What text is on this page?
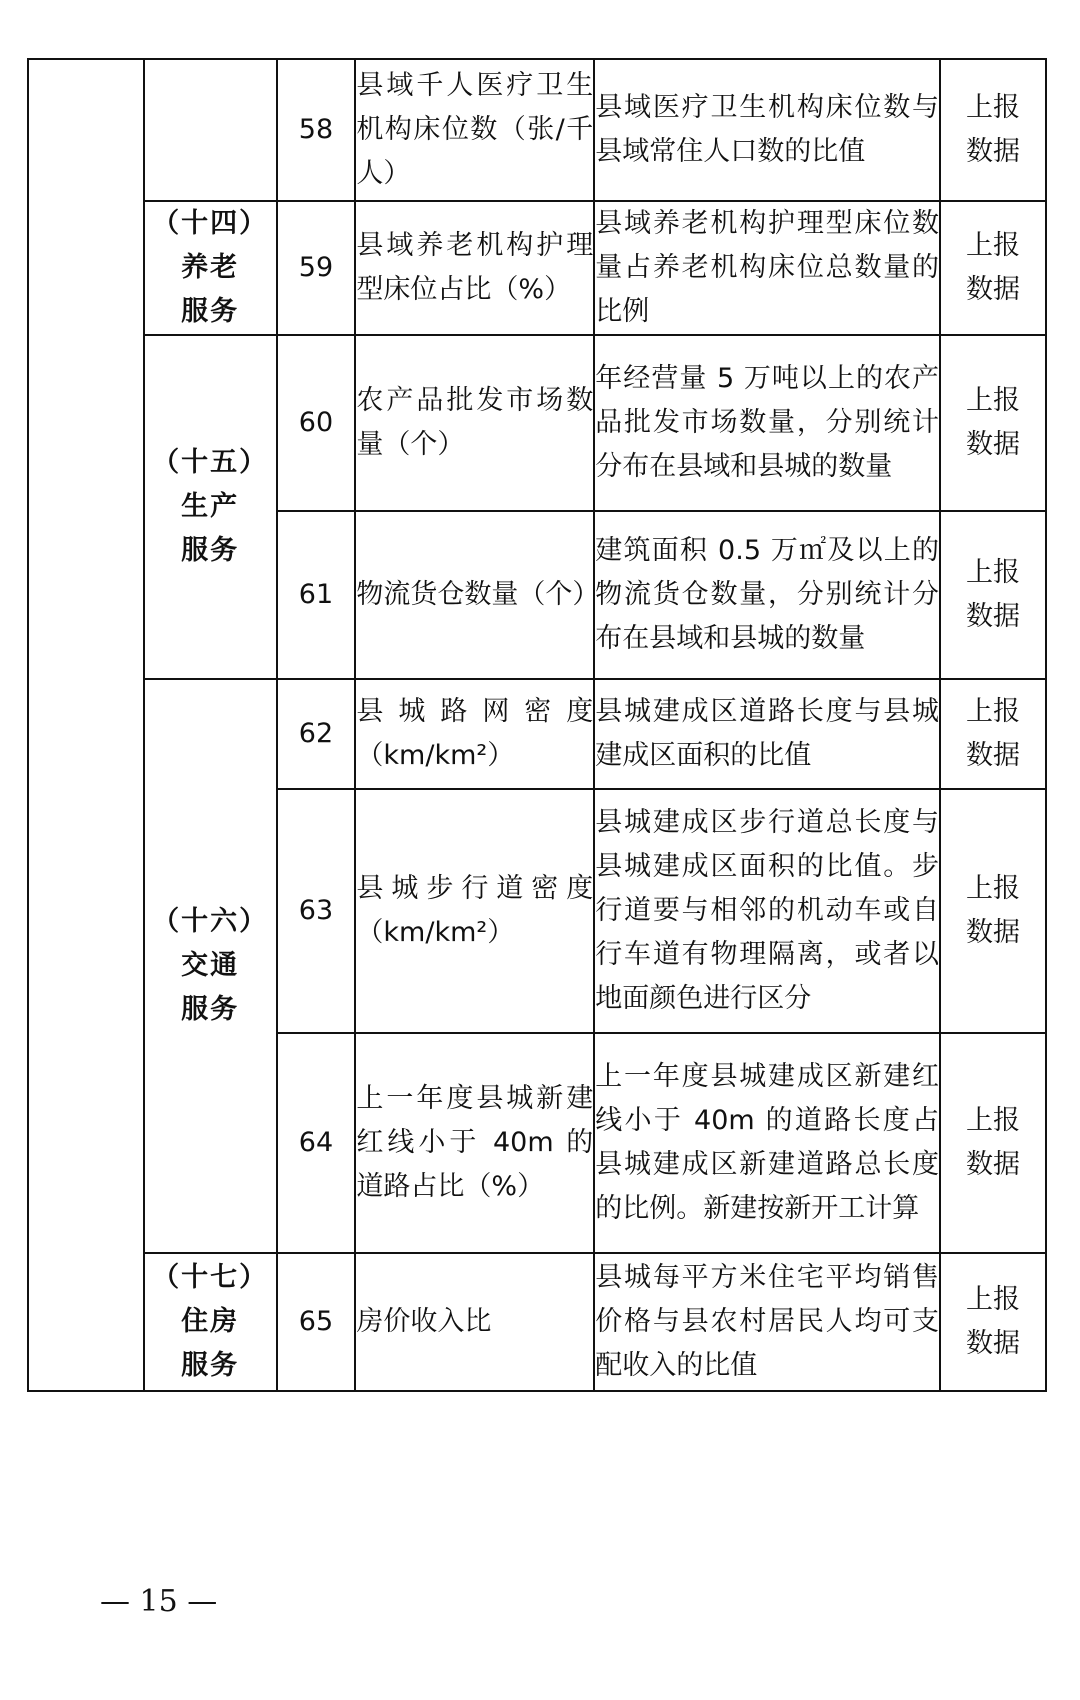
		58	县域千人医疗卫生机构床位数（张/千人）	县域医疗卫生机构床位数与县域常住人口数的比值	上报
数据

	（十四）
养老
服务	59	县域养老机构护理型床位占比（%）	县域养老机构护理型床位数量占养老机构床位总数量的比例	上报
数据

	（十五）
生产
服务	60	农产品批发市场数量（个）	年经营量 5 万吨以上的农产品批发市场数量，分别统计分布在县域和县城的数量	上报
数据

		61	物流货仓数量（个）	建筑面积 0.5 万㎡及以上的物流货仓数量，分别统计分布在县域和县城的数量	上报
数据

	（十六）
交通
服务	62	县城路网密度（km/km²）	县城建成区道路长度与县城建成区面积的比值	上报
数据

		63	县城步行道密度（km/km²）	县城建成区步行道总长度与县城建成区面积的比值。步行道要与相邻的机动车或自行车道有物理隔离，或者以地面颜色进行区分	上报
数据

		64	上一年度县城新建红线小于 40m 的道路占比（%）	上一年度县城建成区新建红线小于 40m 的道路长度占县城建成区新建道路总长度的比例。新建按新开工计算	上报
数据

	（十七）
住房
服务	65	房价收入比	县城每平方米住宅平均销售价格与县农村居民人均可支配收入的比值	上报
数据
— 15 —
